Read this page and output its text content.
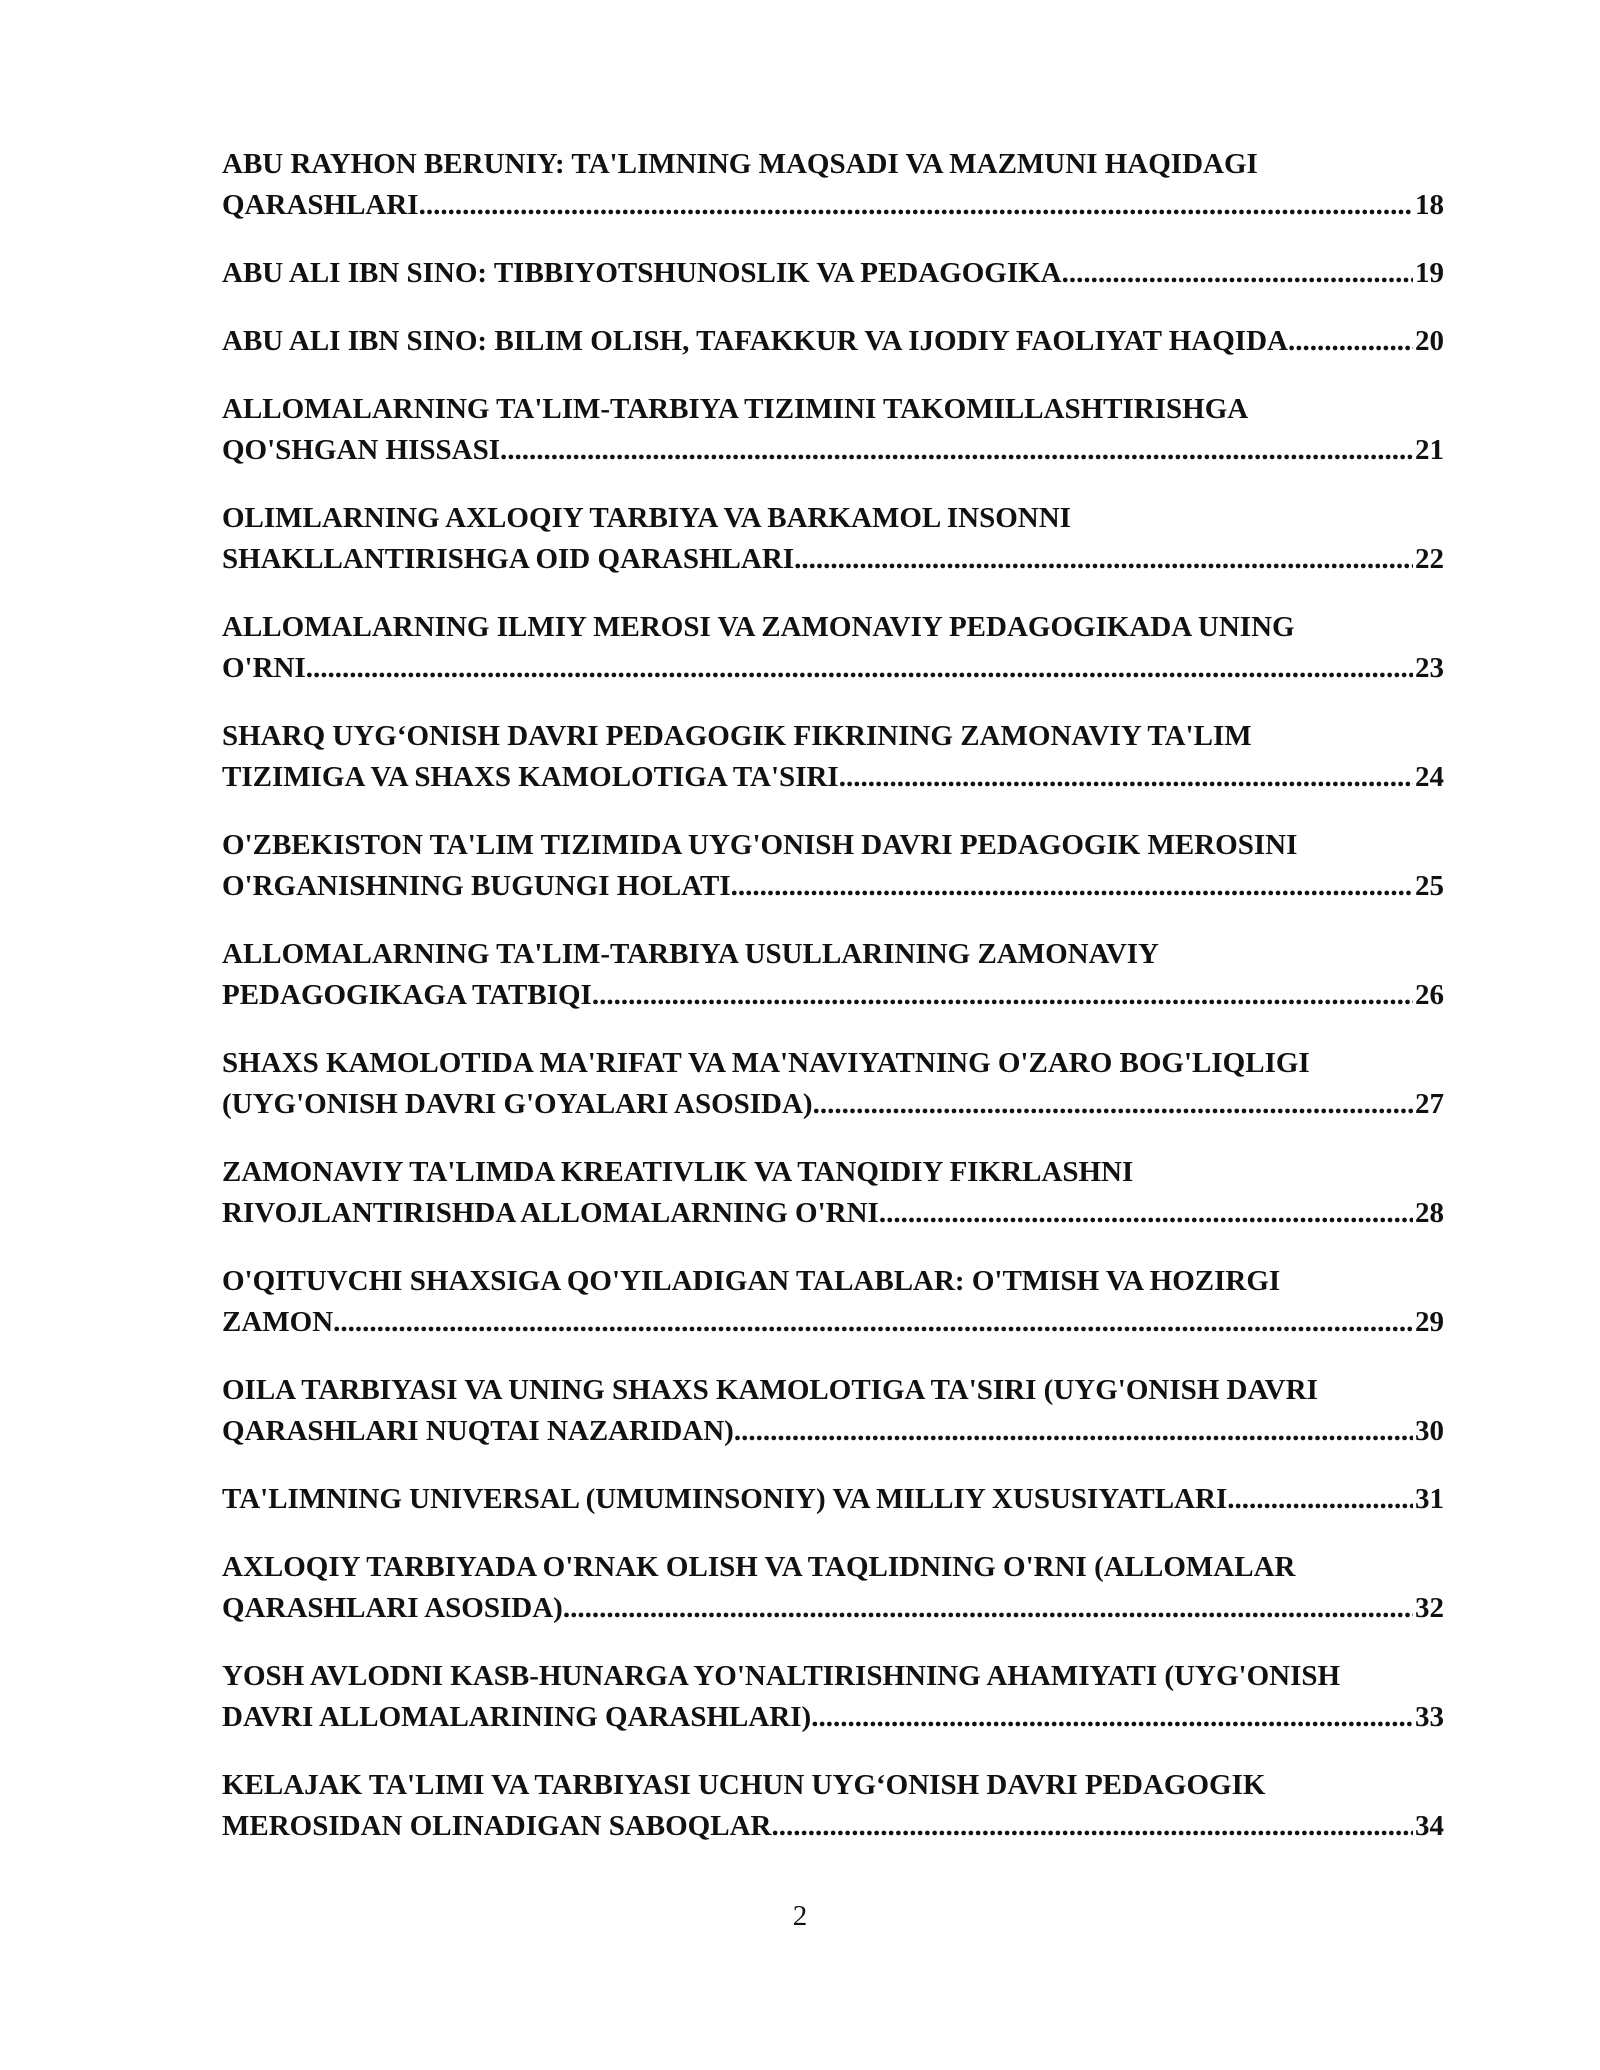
ABU RAYHON BERUNIY: TA'LIMNING MAQSADI VA MAZMUNI HAQIDAGI
QARASHLARI .....	18
ABU ALI IBN SINO: TIBBIYOTSHUNOSLIK VA PEDAGOGIKA .....	19
ABU ALI IBN SINO: BILIM OLISH, TAFAKKUR VA IJODIY FAOLIYAT HAQIDA .....	20
ALLOMALARNING TA'LIM-TARBIYA TIZIMINI TAKOMILLASHTIRISHGA
QO'SHGAN HISSASI .....	21
OLIMLARNING AXLOQIY TARBIYA VA BARKAMOL INSONNI
SHAKLLANTIRISHGA OID QARASHLARI .....	22
ALLOMALARNING ILMIY MEROSI VA ZAMONAVIY PEDAGOGIKADA UNING
O'RNI .....	23
SHARQ UYG‘ONISH DAVRI PEDAGOGIK FIKRINING ZAMONAVIY TA'LIM
TIZIMIGA VA SHAXS KAMOLOTIGA TA'SIRI .....	24
O'ZBEKISTON TA'LIM TIZIMIDA UYG'ONISH DAVRI PEDAGOGIK MEROSINI
O'RGANISHNING BUGUNGI HOLATI .....	25
ALLOMALARNING TA'LIM-TARBIYA USULLARINING ZAMONAVIY
PEDAGOGIKAGA TATBIQI .....	26
SHAXS KAMOLOTIDA MA'RIFAT VA MA'NAVIYATNING O'ZARO BOG'LIQLIGI
(UYG'ONISH DAVRI G'OYALARI ASOSIDA) .....	27
ZAMONAVIY TA'LIMDA KREATIVLIK VA TANQIDIY FIKRLASHNI
RIVOJLANTIRISHDA ALLOMALARNING O'RNI .....	28
O'QITUVCHI SHAXSIGA QO'YILADIGAN TALABLAR: O'TMISH VA HOZIRGI
ZAMON .....	29
OILA TARBIYASI VA UNING SHAXS KAMOLOTIGA TA'SIRI (UYG'ONISH DAVRI
QARASHLARI NUQTAI NAZARIDAN) .....	30
TA'LIMNING UNIVERSAL (UMUMINSONIY) VA MILLIY XUSUSIYATLARI .....	31
AXLOQIY TARBIYADA O'RNAK OLISH VA TAQLIDNING O'RNI (ALLOMALAR
QARASHLARI ASOSIDA) .....	32
YOSH AVLODNI KASB-HUNARGA YO'NALTIRISHNING AHAMIYATI (UYG'ONISH
DAVRI ALLOMALARINING QARASHLARI) .....	33
KELAJAK TA'LIMI VA TARBIYASI UCHUN UYG‘ONISH DAVRI PEDAGOGIK
MEROSIDAN OLINADIGAN SABOQLAR .....	34
2
